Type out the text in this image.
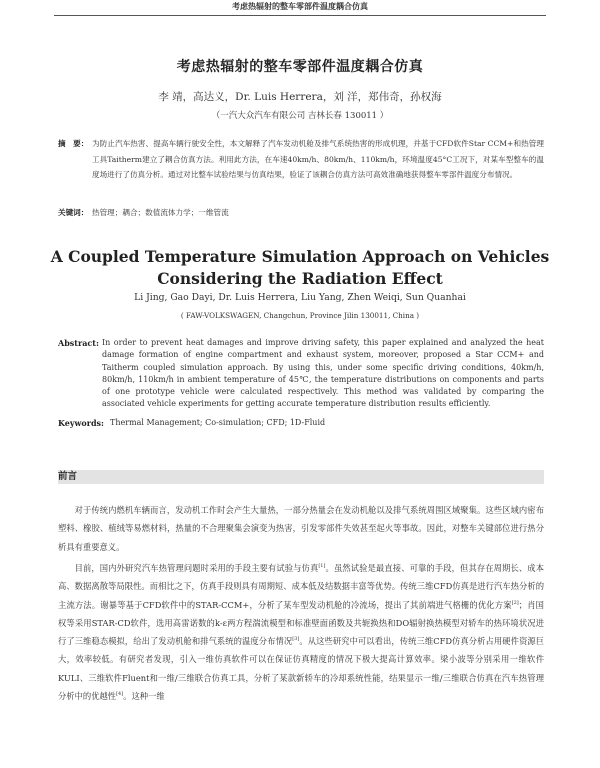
考虑热辐射的整车零部件温度耦合仿真
考虑热辐射的整车零部件温度耦合仿真
李 靖，高达义，Dr. Luis Herrera，刘 洋，郑伟奇，孙权海
（一汽大众汽车有限公司 吉林长春 130011 ）
摘　要： 为防止汽车热害、提高车辆行驶安全性，本文解释了汽车发动机舱及排气系统热害的形成机理，并基于CFD软件Star CCM+和热管理工具Taitherm建立了耦合仿真方法。利用此方法，在车速40km/h、80km/h、110km/h，环境温度45°C工况下，对某车型整车的温度场进行了仿真分析。通过对比整车试验结果与仿真结果，验证了该耦合仿真方法可高效准确地获得整车零部件温度分布情况。
关键词： 热管理；耦合；数值流体力学；一维管流
A Coupled Temperature Simulation Approach on Vehicles
Considering the Radiation Effect
Li Jing, Gao Dayi, Dr. Luis Herrera, Liu Yang, Zhen Weiqi, Sun Quanhai
( FAW-VOLKSWAGEN, Changchun, Province Jilin 130011, China )
Abstract: In order to prevent heat damages and improve driving safety, this paper explained and analyzed the heat damage formation of engine compartment and exhaust system, moreover, proposed a Star CCM+ and Taitherm coupled simulation approach. By using this, under some specific driving conditions, 40km/h, 80km/h, 110km/h in ambient temperature of 45℃, the temperature distributions on components and parts of one prototype vehicle were calculated respectively. This method was validated by comparing the associated vehicle experiments for getting accurate temperature distribution results efficiently.
Keywords: Thermal Management; Co-simulation; CFD; 1D-Fluid
前言
对于传统内燃机车辆而言，发动机工作时会产生大量热，一部分热量会在发动机舱以及排气系统周围区域聚集。这些区域内密布塑料、橡胶、植绒等易燃材料，热量的不合理聚集会演变为热害，引发零部件失效甚至起火等事故。因此，对整车关键部位进行热分析具有重要意义。
目前，国内外研究汽车热管理问题时采用的手段主要有试验与仿真[1]。虽然试验是最直接、可靠的手段，但其存在周期长、成本高、数据离散等局限性。而相比之下，仿真手段则具有周期短、成本低及结数据丰富等优势。传统三维CFD仿真是进行汽车热分析的主流方法。谢暴等基于CFD软件中的STAR-CCM+，分析了某车型发动机舱的冷流场，提出了其前端进气格栅的优化方案[2]；肖国权等采用STAR-CD软件，选用高雷诺数的k-ε两方程湍流模型和标准壁面函数及共轭换热和DO辐射换热模型对轿车的热环境状况进行了三维稳态模拟，给出了发动机舱和排气系统的温度分布情况[3]。从这些研究中可以看出，传统三维CFD仿真分析占用硬件资源巨大，效率较低。有研究者发现，引入一维仿真软件可以在保证仿真精度的情况下极大提高计算效率。梁小波等分别采用一维软件KULI、三维软件Fluent和一维/三维联合仿真工具，分析了某款新轿车的冷却系统性能，结果显示一维/三维联合仿真在汽车热管理分析中的优越性[4]。这种一维
